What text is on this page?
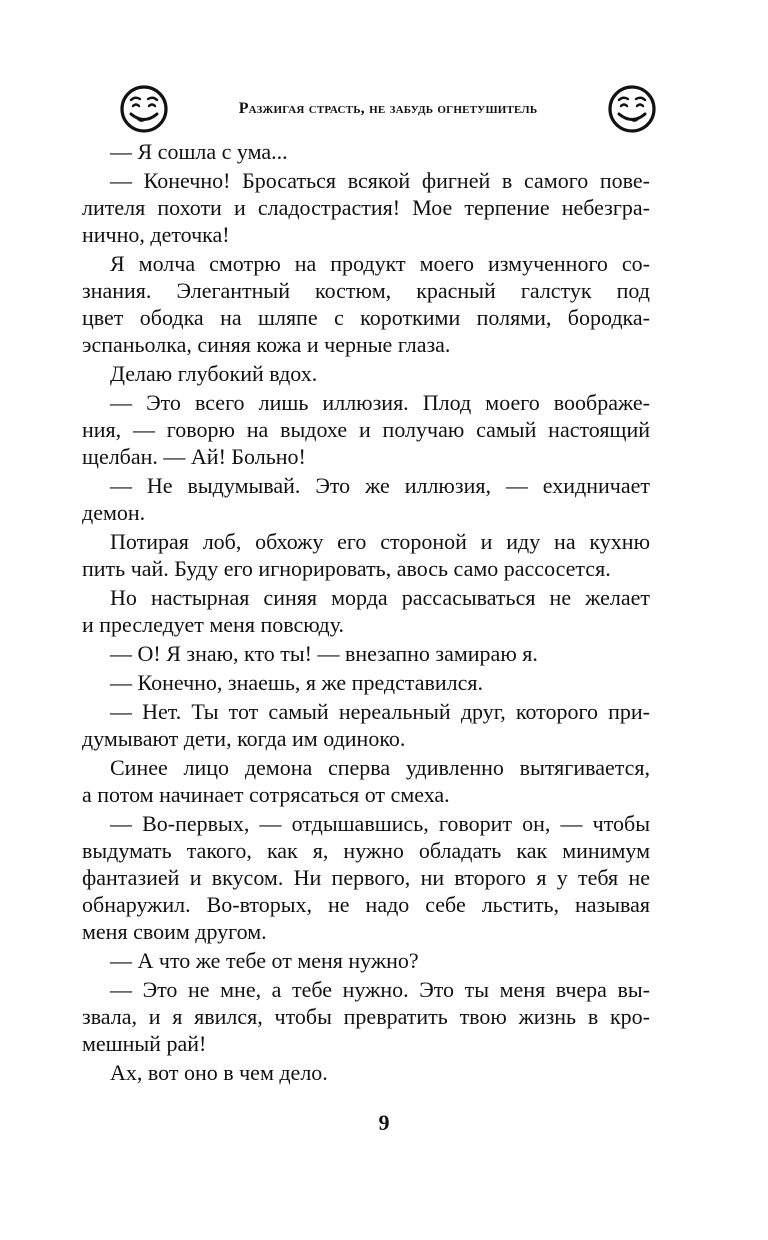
Разжигая страсть, не забудь огнетушитель

— Я сошла с ума...

— Конечно! Бросаться всякой фигней в самого пове-
лителя похоти и сладострастия! Мое терпение небезгра-
нично, деточка!

Я молча смотрю на продукт моего измученного со-
знания. Элегантный костюм, красный галстук под
цвет ободка на шляпе с короткими полями, бородка-
эспаньолка, синяя кожа и черные глаза.

Делаю глубокий вдох.

— Это всего лишь иллюзия. Плод моего воображе-
ния, — говорю на выдохе и получаю самый настоящий
щелбан. — Ай! Больно!

— Не выдумывай. Это же иллюзия, — ехидничает
демон.

Потирая лоб, обхожу его стороной и иду на кухню
пить чай. Буду его игнорировать, авось само рассосется.

Но настырная синяя морда рассасываться не желает
и преследует меня повсюду.

— О! Я знаю, кто ты! — внезапно замираю я.

— Конечно, знаешь, я же представился.

— Нет. Ты тот самый нереальный друг, которого при-
думывают дети, когда им одиноко.

Синее лицо демона сперва удивленно вытягивается,
а потом начинает сотрясаться от смеха.

— Во-первых, — отдышавшись, говорит он, — чтобы
выдумать такого, как я, нужно обладать как минимум
фантазией и вкусом. Ни первого, ни второго я у тебя не
обнаружил. Во-вторых, не надо себе льстить, называя
меня своим другом.

— А что же тебе от меня нужно?

— Это не мне, а тебе нужно. Это ты меня вчера вы-
звала, и я явился, чтобы превратить твою жизнь в кро-
мешный рай!

Ах, вот оно в чем дело.

9
